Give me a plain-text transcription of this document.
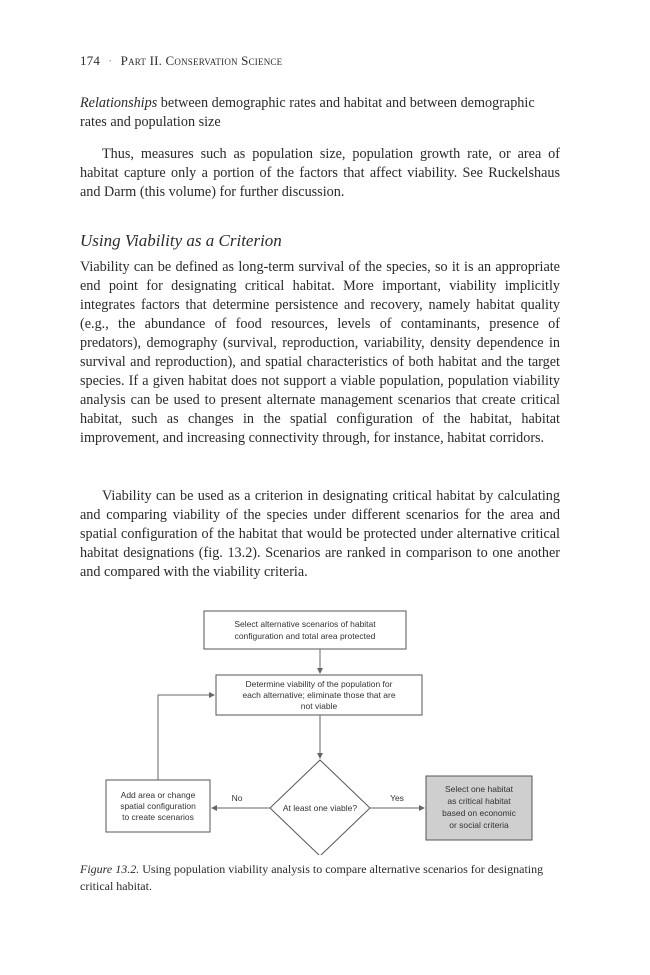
174 · Part II. Conservation Science

Relationships between demographic rates and habitat and between demographic rates and population size

Thus, measures such as population size, population growth rate, or area of habitat capture only a portion of the factors that affect viability. See Ruckelshaus and Darm (this volume) for further discussion.

Using Viability as a Criterion

Viability can be defined as long-term survival of the species, so it is an appropriate end point for designating critical habitat. More important, viability implicitly integrates factors that determine persistence and recovery, namely habitat quality (e.g., the abundance of food resources, levels of contaminants, presence of predators), demography (survival, reproduction, variability, density dependence in survival and reproduction), and spatial characteristics of both habitat and the target species. If a given habitat does not support a viable population, population viability analysis can be used to present alternate management scenarios that create critical habitat, such as changes in the spatial configuration of the habitat, habitat improvement, and increasing connectivity through, for instance, habitat corridors.

Viability can be used as a criterion in designating critical habitat by calculating and comparing viability of the species under different scenarios for the area and spatial configuration of the habitat that would be protected under alternative critical habitat designations (fig. 13.2). Scenarios are ranked in comparison to one another and compared with the viability criteria.

Select alternative scenarios of habitat
configuration and total area protected
Determine viability of the population for
each alternative; eliminate those that are
not viable
At least one viable?
Add area or change
spatial configuration
to create scenarios
No
Select one habitat
as critical habitat
based on economic
or social criteria
Yes

Figure 13.2. Using population viability analysis to compare alternative scenarios for designating critical habitat.
